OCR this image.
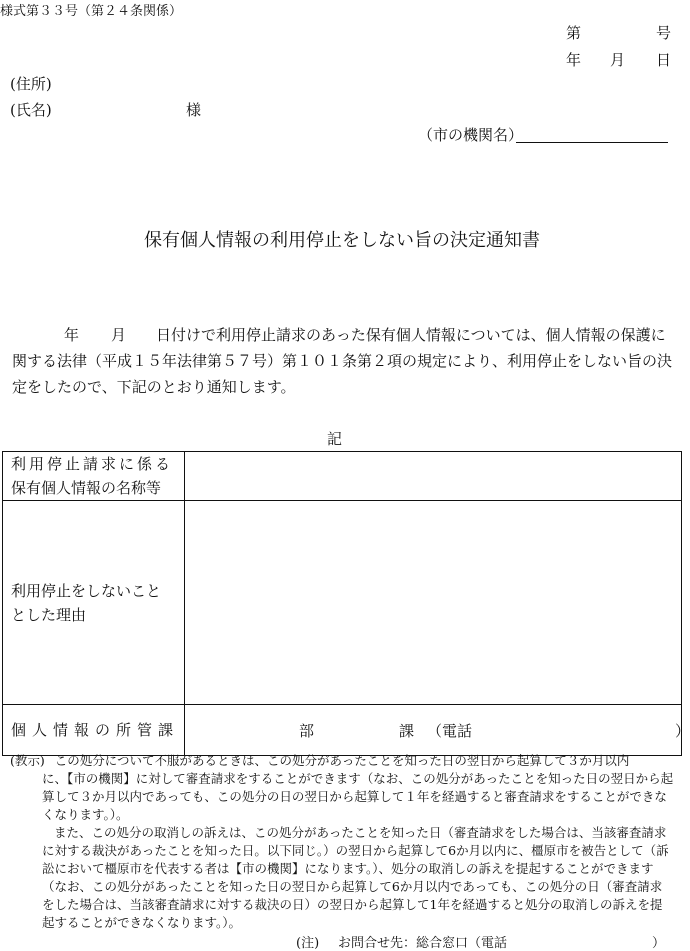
様式第３３号（第２４条関係）
第	号
年 月 日
(住所)
(氏名)	様
（市の機関名）
保有個人情報の利用停止をしない旨の決定通知書
年 月 日付けで利用停止請求のあった保有個人情報については、個人情報の保護に関する法律（平成１５年法律第５７号）第１０１条第２項の規定により、利用停止をしない旨の決定をしたので、下記のとおり通知します。
記
利用停止請求に係る
保有個人情報の名称等	

利用停止をしないこと
とした理由	

個人情報の所管課	部 課 （電話 ）

(教示) この処分について不服があるときは、この処分があったことを知った日の翌日から起算して３か月以内

に、【市の機関】に対して審査請求をすることができます（なお、この処分があったことを知った日の翌日から起算して３か月以内であっても、この処分の日の翌日から起算して１年を経過すると審査請求をすることができなくなります。）。

また、この処分の取消しの訴えは、この処分があったことを知った日（審査請求をした場合は、当該審査請求に対する裁決があったことを知った日。以下同じ。）の翌日から起算して6か月以内に、橿原市を被告として（訴訟において橿原市を代表する者は【市の機関】になります。）、処分の取消しの訴えを提起することができます（なお、この処分があったことを知った日の翌日から起算して6か月以内であっても、この処分の日（審査請求をした場合は、当該審査請求に対する裁決の日）の翌日から起算して1年を経過すると処分の取消しの訴えを提起することができなくなります。）。

(注) お問合せ先：総合窓口（電話	）
